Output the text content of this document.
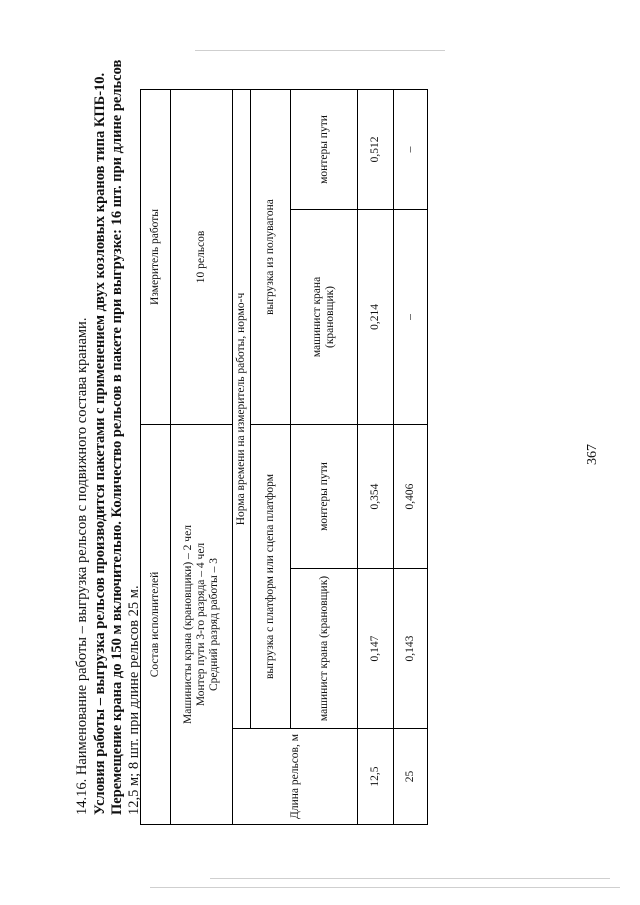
367
14.16. Наименование работы – выгрузка рельсов с подвижного состава кранами. Условия работы – выгрузка рельсов производится пакетами с применением двух козловых кранов типа КПБ-10. Перемещение крана до 150 м включительно. Количество рельсов в пакете при выгрузке: 16 шт. при длине рельсов 12,5 м; 8 шт. при длине рельсов 25 м. Состав исполнителей			Измеритель работы	

Машинисты крана (крановщики) – 2 чел Монтер пути 3-го разряда – 4 чел Средний разряд работы – 3			10 рельсов	
Длина рельсов, м	Норма времени на измеритель работы, нормо-ч			
	выгрузка с платформ или сцепа платформ		выгрузка из полувагона	
	машинист крана (крановщик)	монтеры пути	машинист крана (крановщик)	монтеры пути
12,5	0,147	0,354	0,214	0,512
25	0,143	0,406	–	–
